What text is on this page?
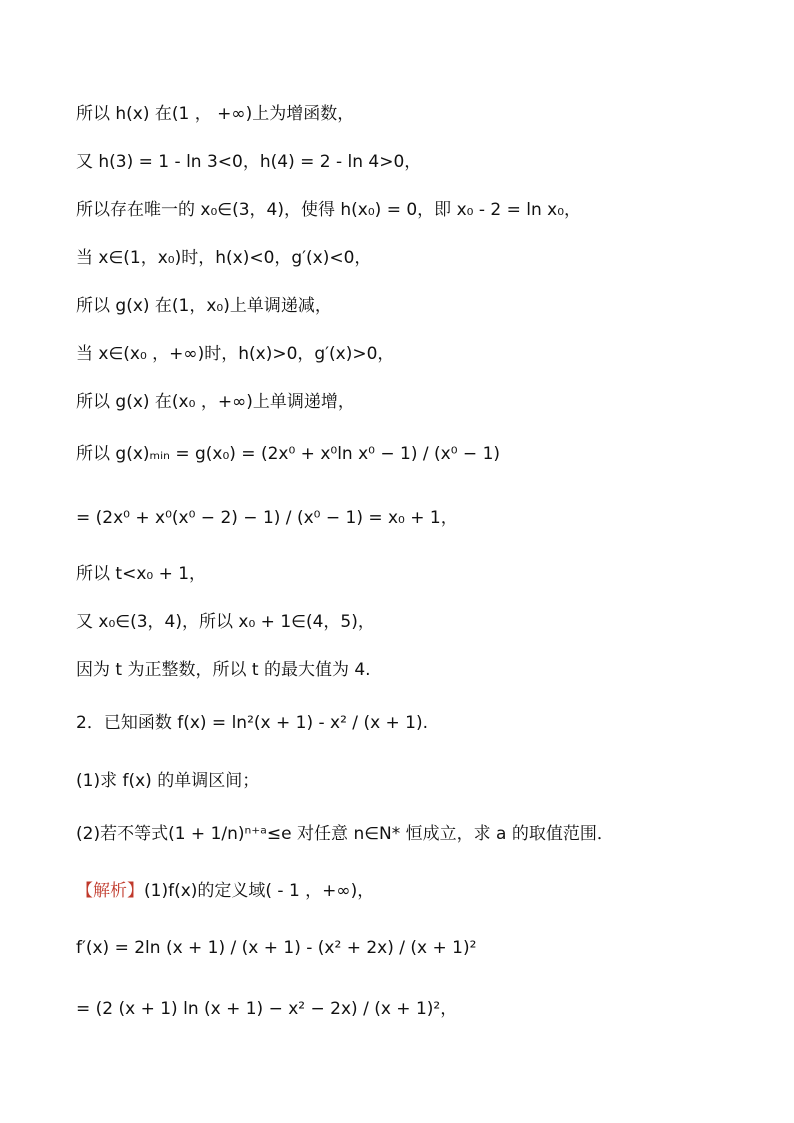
所以 h(x) 在(1 ， +∞)上为增函数，
又 h(3) = 1 - ln 3<0，h(4) = 2 - ln 4>0，
所以存在唯一的 x₀∈(3，4)，使得 h(x₀) = 0，即 x₀ - 2 = ln x₀，
当 x∈(1，x₀)时，h(x)<0，g′(x)<0，
所以 g(x) 在(1，x₀)上单调递减，
当 x∈(x₀ ，+∞)时，h(x)>0，g′(x)>0，
所以 g(x) 在(x₀ ，+∞)上单调递增，
所以 g(x)ₘᵢₙ = g(x₀) = (2x⁰ + x⁰ln x⁰ − 1) / (x⁰ − 1)
= (2x⁰ + x⁰(x⁰ − 2) − 1) / (x⁰ − 1) = x₀ + 1，
所以 t<x₀ + 1，
又 x₀∈(3，4)，所以 x₀ + 1∈(4，5)，
因为 t 为正整数，所以 t 的最大值为 4.
2．已知函数 f(x) = ln²(x + 1) - x² / (x + 1).
(1)求 f(x) 的单调区间；
(2)若不等式(1 + 1/n)ⁿ⁺ᵃ≤e 对任意 n∈N* 恒成立，求 a 的取值范围．
【解析】(1)f(x)的定义域( - 1 ，+∞)，
f′(x) = 2ln (x + 1) / (x + 1) - (x² + 2x) / (x + 1)²
= (2 (x + 1) ln (x + 1) − x² − 2x) / (x + 1)²，
